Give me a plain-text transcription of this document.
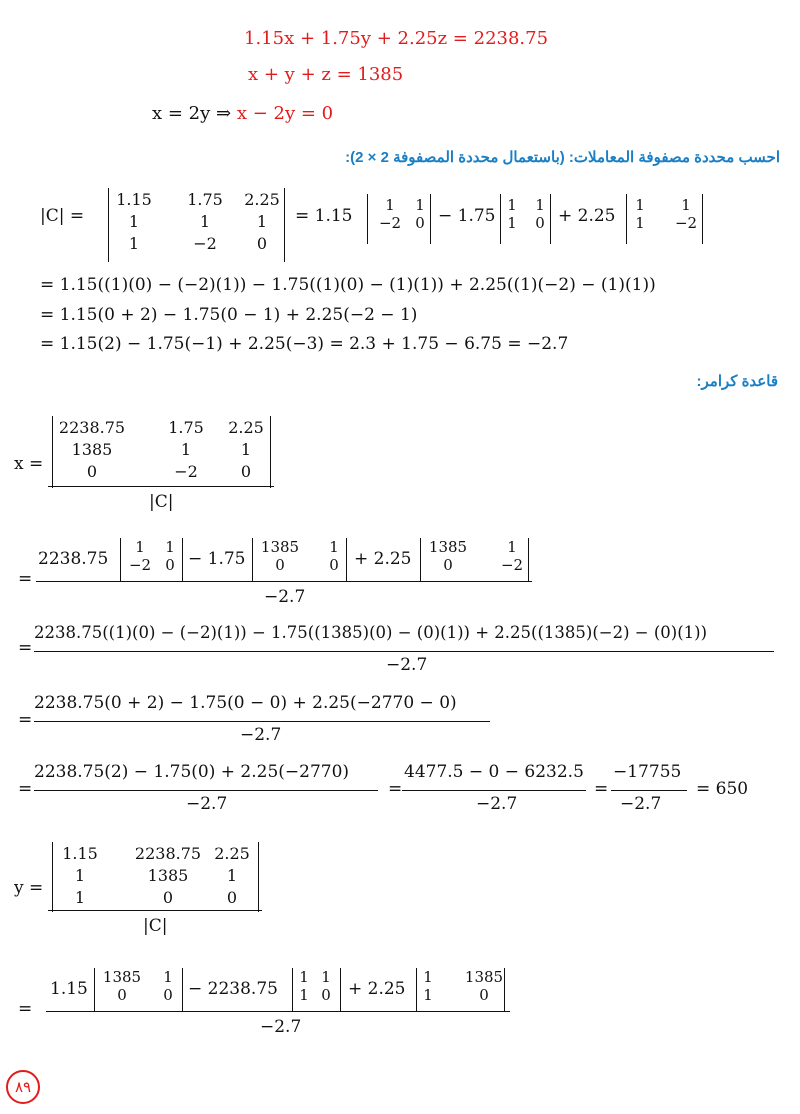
1.15x + 1.75y + 2.25z = 2238.75
x + y + z = 1385
x = 2y ⇒ x − 2y = 0
احسب محددة مصفوفة المعاملات: (باستعمال محددة المصفوفة 2 × 2):
|C| =
1.15 1.75 2.25
1	1	1
1	−2	0
= 1.15
1 1
−2 0 − 1.75
1 1
1 0 + 2.25
1 1
1 −2
= 1.15((1)(0) − (−2)(1)) − 1.75((1)(0) − (1)(1)) + 2.25((1)(−2) − (1)(1))
= 1.15(0 + 2) − 1.75(0 − 1) + 2.25(−2 − 1)
= 1.15(2) − 1.75(−1) + 2.25(−3) = 2.3 + 1.75 − 6.75 = −2.7
قاعدة كرامر:
x =
2238.75	1.75 2.25
1385	1	1
0	−2	0
|C|
=
2238.75
1 1
−2 0 − 1.75
1385 1
0	0 + 2.25
1385	1
0	−2
−2.7
=
2238.75((1)(0) − (−2)(1)) − 1.75((1385)(0) − (0)(1)) + 2.25((1385)(−2) − (0)(1))
−2.7
=
2238.75(0 + 2) − 1.75(0 − 0) + 2.25(−2770 − 0)
−2.7
=
2238.75(2) − 1.75(0) + 2.25(−2770)
−2.7
=
4477.5 − 0 − 6232.5
−2.7
=
−17755
−2.7
= 650
y =
1.15 2238.75 2.25
1	1385 1
1	0	0
|C|
=
1.15
1385 1
0 0 − 2238.75
1 1
1 0 + 2.25
1 1385
1	0
−2.7
٨٩
